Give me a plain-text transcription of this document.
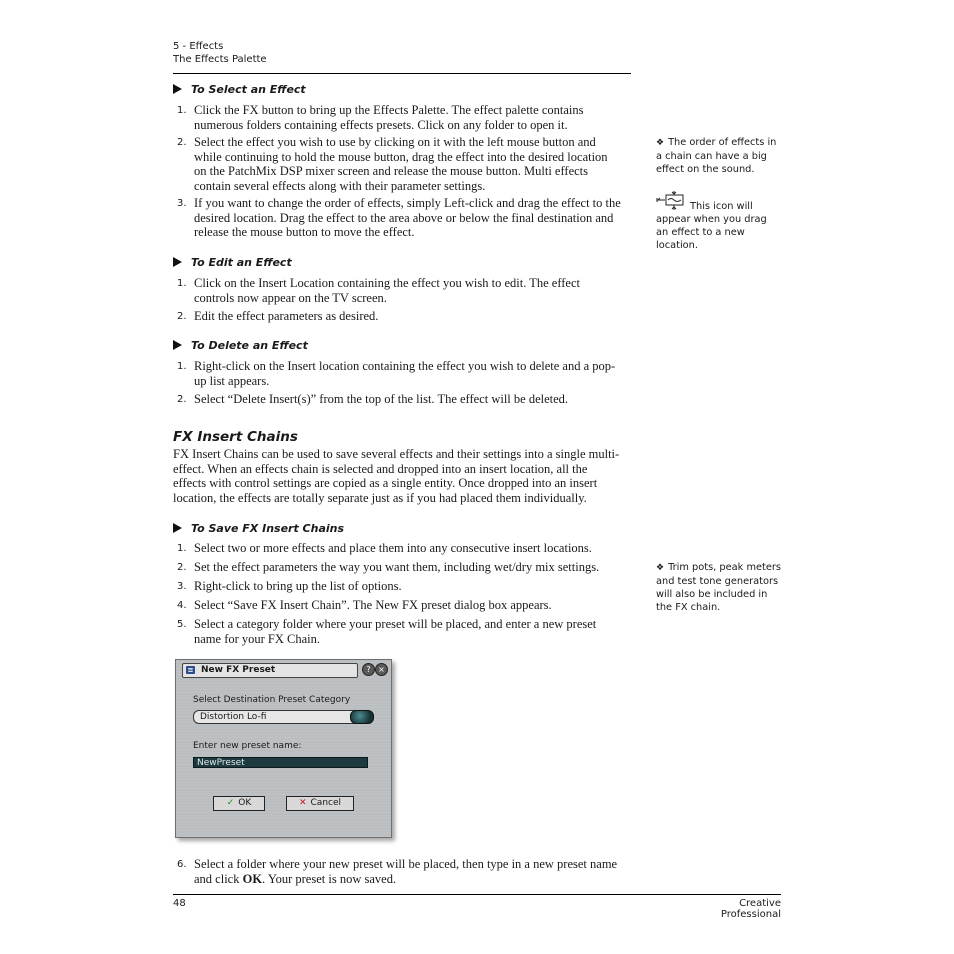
5 - Effects
The Effects Palette
To Select an Effect
1. Click the FX button to bring up the Effects Palette. The effect palette contains
numerous folders containing effects presets. Click on any folder to open it.
2. Select the effect you wish to use by clicking on it with the left mouse button and
while continuing to hold the mouse button, drag the effect into the desired location
on the PatchMix DSP mixer screen and release the mouse button. Multi effects
contain several effects along with their parameter settings.
3. If you want to change the order of effects, simply Left-click and drag the effect to the
desired location. Drag the effect to the area above or below the final destination and
release the mouse button to move the effect.
To Edit an Effect
1. Click on the Insert Location containing the effect you wish to edit. The effect
controls now appear on the TV screen.
2. Edit the effect parameters as desired.
To Delete an Effect
1. Right-click on the Insert location containing the effect you wish to delete and a pop-
up list appears.
2. Select “Delete Insert(s)” from the top of the list. The effect will be deleted.
FX Insert Chains
FX Insert Chains can be used to save several effects and their settings into a single multi-
effect. When an effects chain is selected and dropped into an insert location, all the
effects with control settings are copied as a single entity. Once dropped into an insert
location, the effects are totally separate just as if you had placed them individually.
To Save FX Insert Chains
1. Select two or more effects and place them into any consecutive insert locations.
2. Set the effect parameters the way you want them, including wet/dry mix settings.
3. Right-click to bring up the list of options.
4. Select “Save FX Insert Chain”. The New FX preset dialog box appears.
5. Select a category folder where your preset will be placed, and enter a new preset
name for your FX Chain.
≡ New FX Preset	? ×
Select Destination Preset Category
Distortion Lo-fi
Enter new preset name:
NewPreset
✓ OK	✕ Cancel
6. Select a folder where your new preset will be placed, then type in a new preset name
and click OK. Your preset is now saved.
❖ The order of effects in
a chain can have a big
effect on the sound.
This icon will
appear when you drag
an effect to a new
location.
❖ Trim pots, peak meters
and test tone generators
will also be included in
the FX chain.
48	Creative Professional
